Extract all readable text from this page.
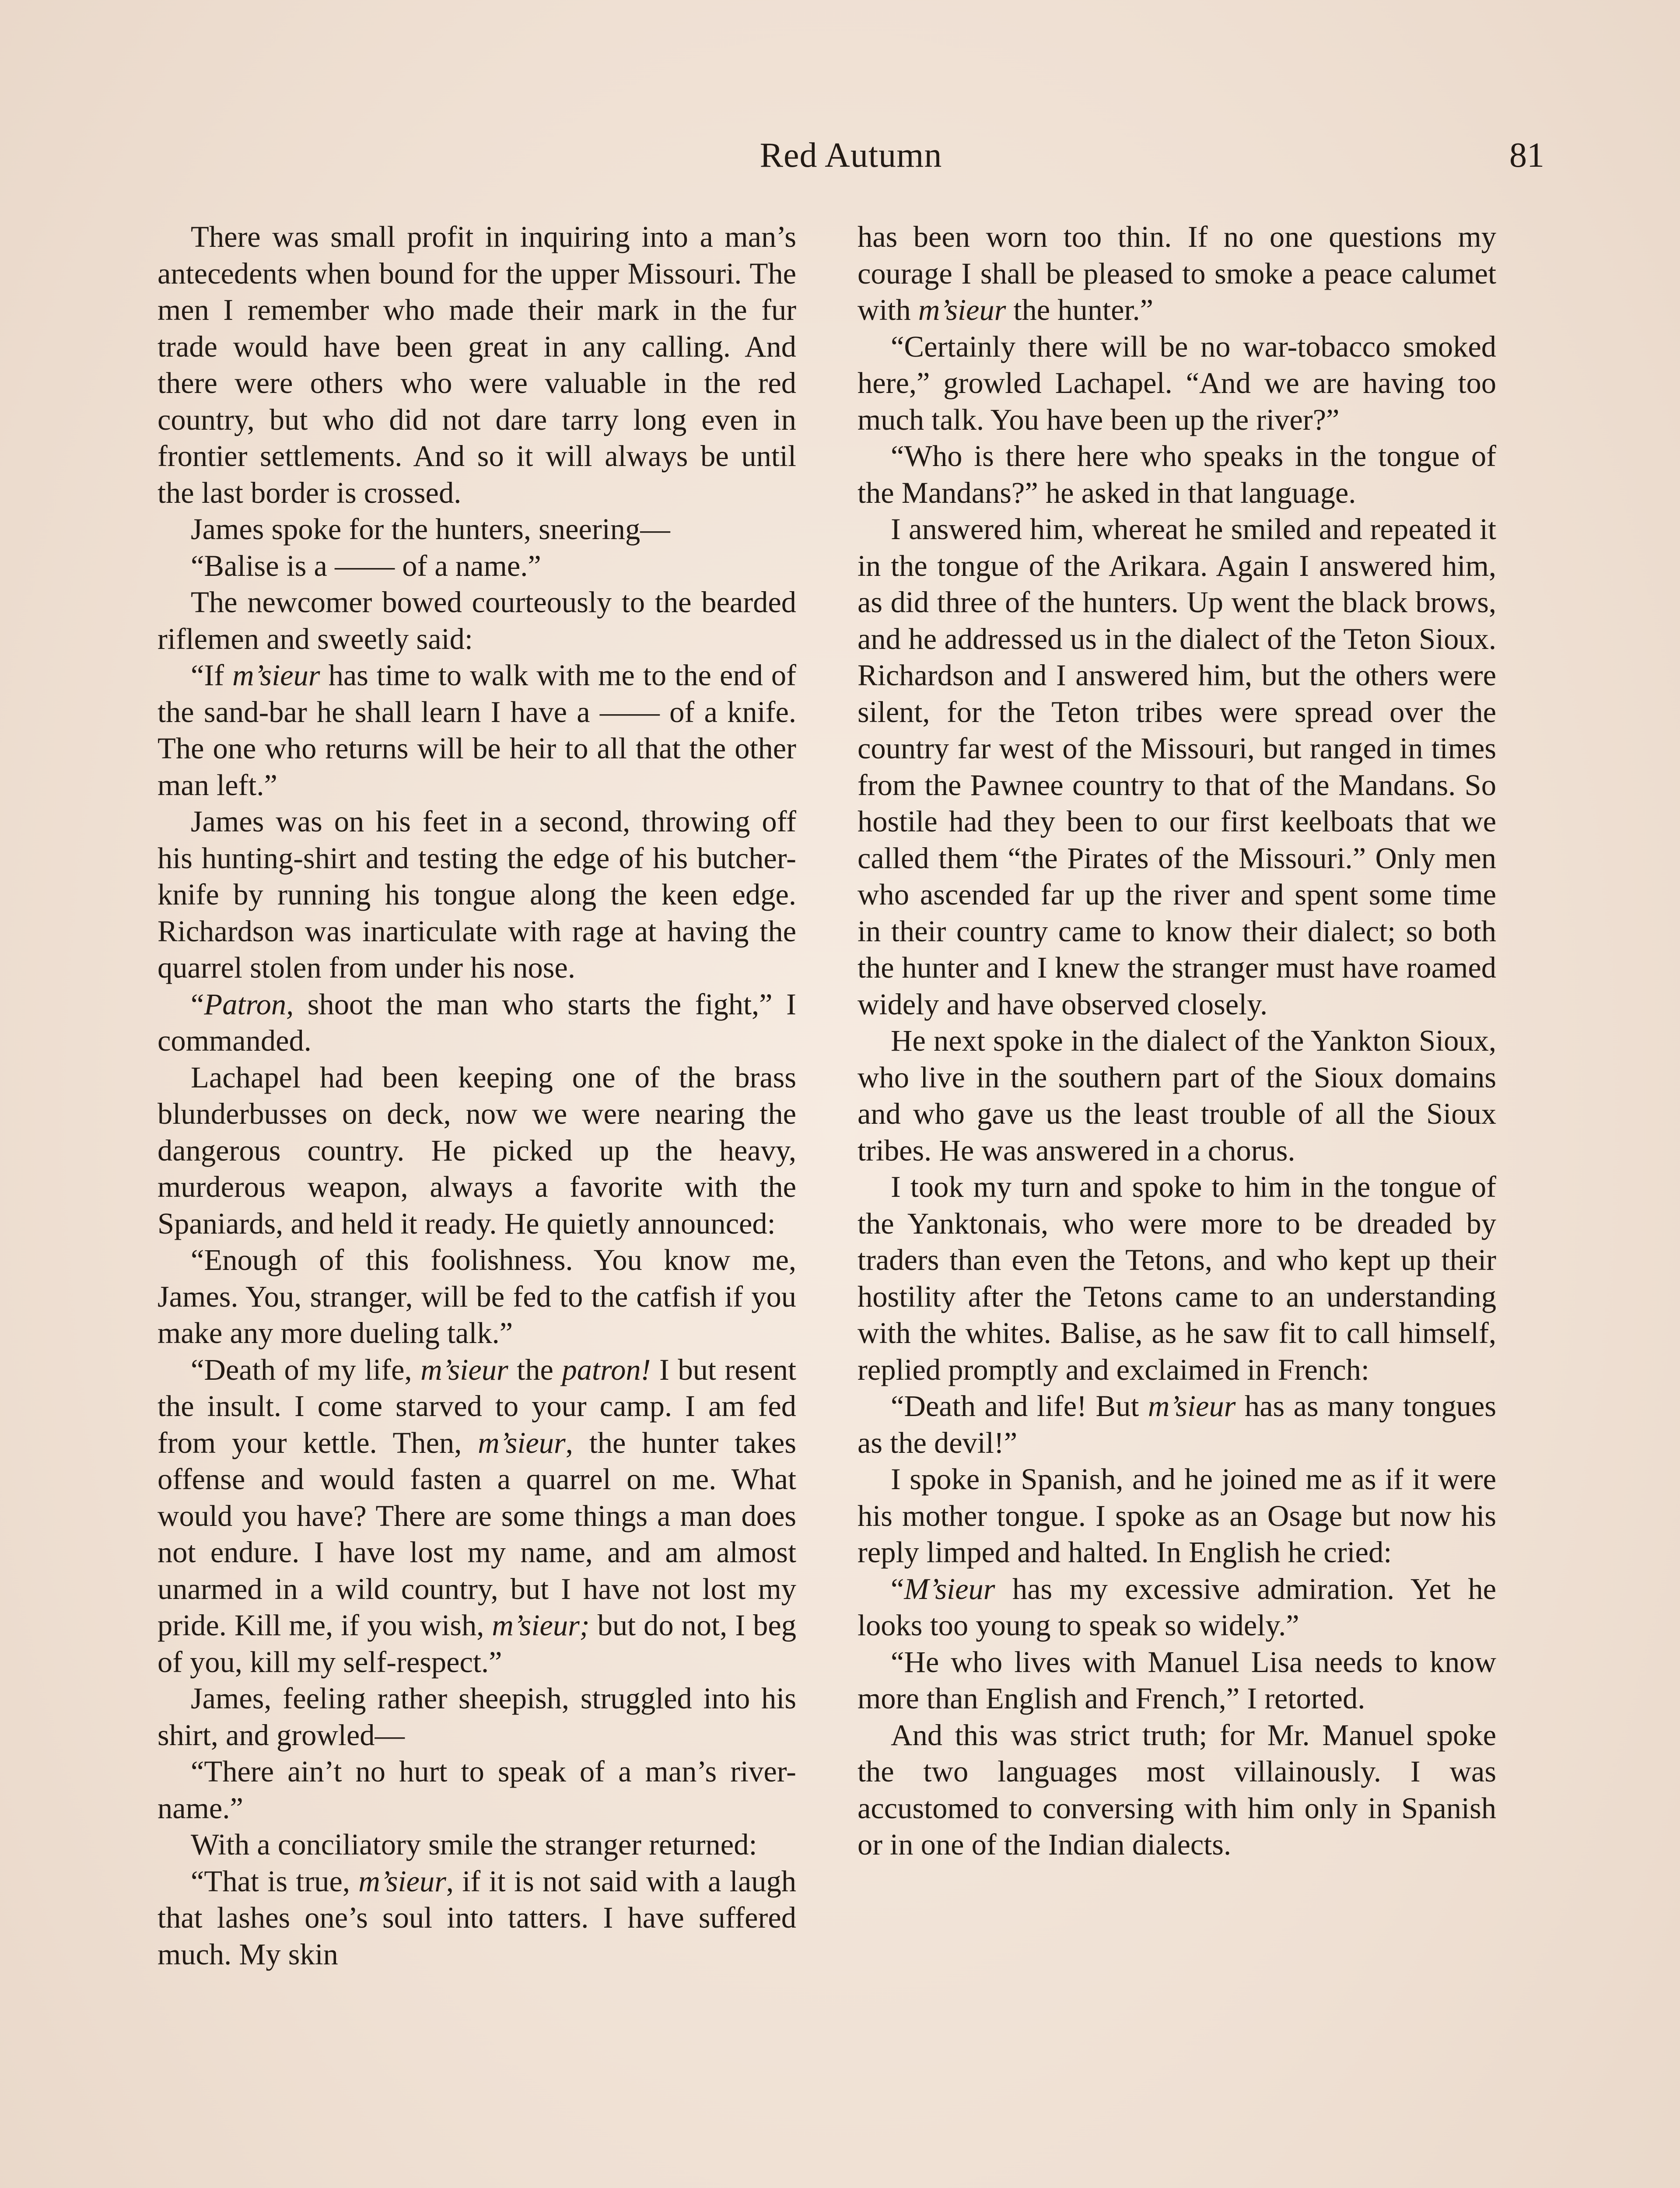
Red Autumn	81

There was small profit in inquiring into a man’s antecedents when bound for the upper Missouri. The men I remember who made their mark in the fur trade would have been great in any calling. And there were others who were valuable in the red country, but who did not dare tarry long even in frontier settlements. And so it will always be until the last border is crossed.

James spoke for the hunters, sneering—

“Balise is a —— of a name.”

The newcomer bowed courteously to the bearded riflemen and sweetly said:

“If m’sieur has time to walk with me to the end of the sand-bar he shall learn I have a —— of a knife. The one who returns will be heir to all that the other man left.”

James was on his feet in a second, throwing off his hunting-shirt and testing the edge of his butcher-knife by running his tongue along the keen edge. Richardson was inarticulate with rage at having the quarrel stolen from under his nose.

“Patron, shoot the man who starts the fight,” I commanded.

Lachapel had been keeping one of the brass blunderbusses on deck, now we were nearing the dangerous country. He picked up the heavy, murderous weapon, always a favorite with the Spaniards, and held it ready. He quietly announced:

“Enough of this foolishness. You know me, James. You, stranger, will be fed to the catfish if you make any more dueling talk.”

“Death of my life, m’sieur the patron! I but resent the insult. I come starved to your camp. I am fed from your kettle. Then, m’sieur, the hunter takes offense and would fasten a quarrel on me. What would you have? There are some things a man does not endure. I have lost my name, and am almost unarmed in a wild country, but I have not lost my pride. Kill me, if you wish, m’sieur; but do not, I beg of you, kill my self-respect.”

James, feeling rather sheepish, struggled into his shirt, and growled—

“There ain’t no hurt to speak of a man’s river-name.”

With a conciliatory smile the stranger returned:

“That is true, m’sieur, if it is not said with a laugh that lashes one’s soul into tatters. I have suffered much. My skin

has been worn too thin. If no one questions my courage I shall be pleased to smoke a peace calumet with m’sieur the hunter.”

“Certainly there will be no war-tobacco smoked here,” growled Lachapel. “And we are having too much talk. You have been up the river?”

“Who is there here who speaks in the tongue of the Mandans?” he asked in that language.

I answered him, whereat he smiled and repeated it in the tongue of the Arikara. Again I answered him, as did three of the hunters. Up went the black brows, and he addressed us in the dialect of the Teton Sioux. Richardson and I answered him, but the others were silent, for the Teton tribes were spread over the country far west of the Missouri, but ranged in times from the Pawnee country to that of the Mandans. So hostile had they been to our first keelboats that we called them “the Pirates of the Missouri.” Only men who ascended far up the river and spent some time in their country came to know their dialect; so both the hunter and I knew the stranger must have roamed widely and have observed closely.

He next spoke in the dialect of the Yankton Sioux, who live in the southern part of the Sioux domains and who gave us the least trouble of all the Sioux tribes. He was answered in a chorus.

I took my turn and spoke to him in the tongue of the Yanktonais, who were more to be dreaded by traders than even the Tetons, and who kept up their hostility after the Tetons came to an understanding with the whites. Balise, as he saw fit to call himself, replied promptly and exclaimed in French:

“Death and life! But m’sieur has as many tongues as the devil!”

I spoke in Spanish, and he joined me as if it were his mother tongue. I spoke as an Osage but now his reply limped and halted. In English he cried:

“M’sieur has my excessive admiration. Yet he looks too young to speak so widely.”

“He who lives with Manuel Lisa needs to know more than English and French,” I retorted.

And this was strict truth; for Mr. Manuel spoke the two languages most villainously. I was accustomed to conversing with him only in Spanish or in one of the Indian dialects.
